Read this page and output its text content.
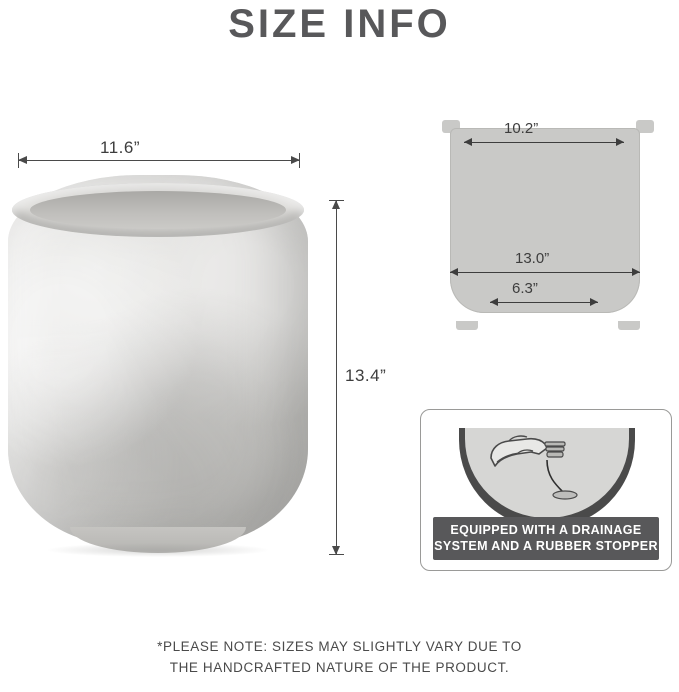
SIZE INFO
11.6”
13.4”
10.2”
13.0”
6.3”
EQUIPPED WITH A DRAINAGE
SYSTEM AND A RUBBER STOPPER
*PLEASE NOTE: SIZES MAY SLIGHTLY VARY DUE TO
THE HANDCRAFTED NATURE OF THE PRODUCT.
